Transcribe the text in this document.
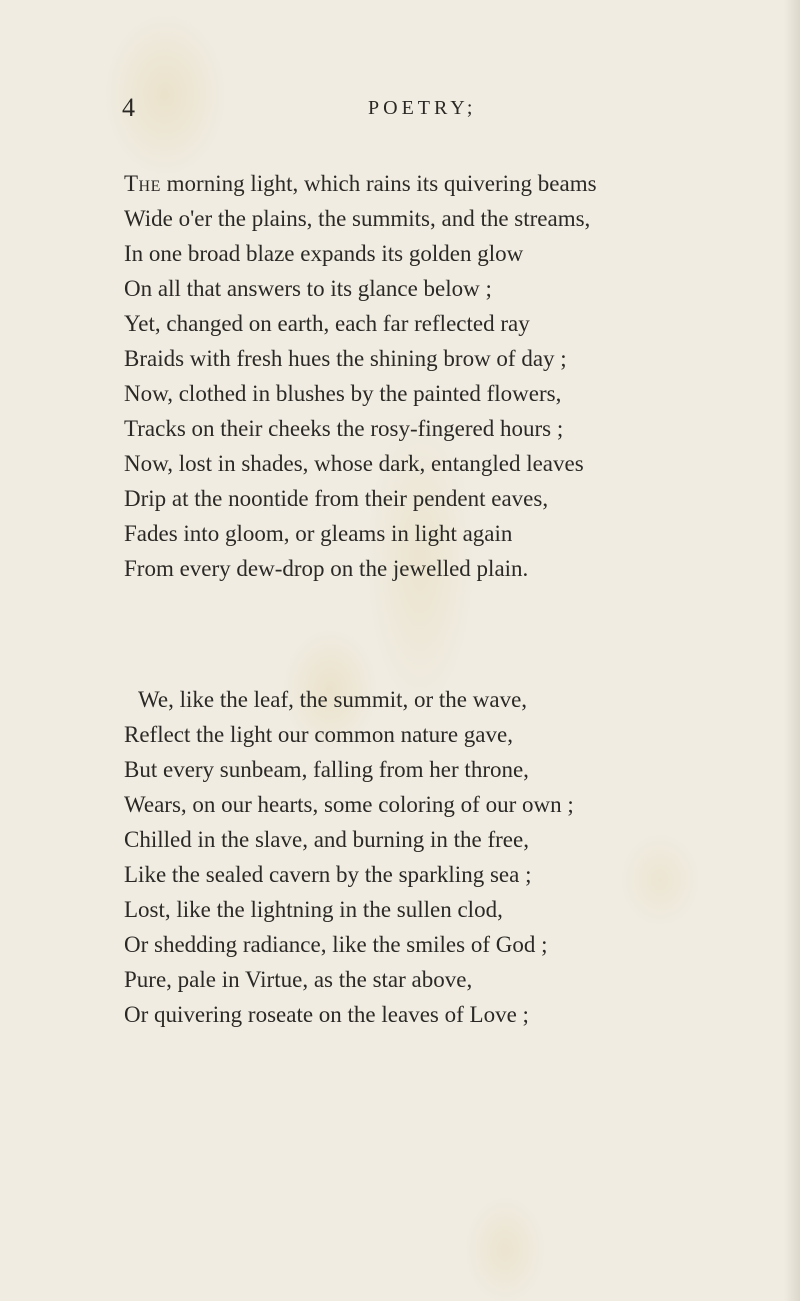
4	POETRY;
The morning light, which rains its quivering beams
Wide o'er the plains, the summits, and the streams,
In one broad blaze expands its golden glow
On all that answers to its glance below ;
Yet, changed on earth, each far reflected ray
Braids with fresh hues the shining brow of day ;
Now, clothed in blushes by the painted flowers,
Tracks on their cheeks the rosy-fingered hours ;
Now, lost in shades, whose dark, entangled leaves
Drip at the noontide from their pendent eaves,
Fades into gloom, or gleams in light again
From every dew-drop on the jewelled plain.
We, like the leaf, the summit, or the wave,
Reflect the light our common nature gave,
But every sunbeam, falling from her throne,
Wears, on our hearts, some coloring of our own ;
Chilled in the slave, and burning in the free,
Like the sealed cavern by the sparkling sea ;
Lost, like the lightning in the sullen clod,
Or shedding radiance, like the smiles of God ;
Pure, pale in Virtue, as the star above,
Or quivering roseate on the leaves of Love ;
